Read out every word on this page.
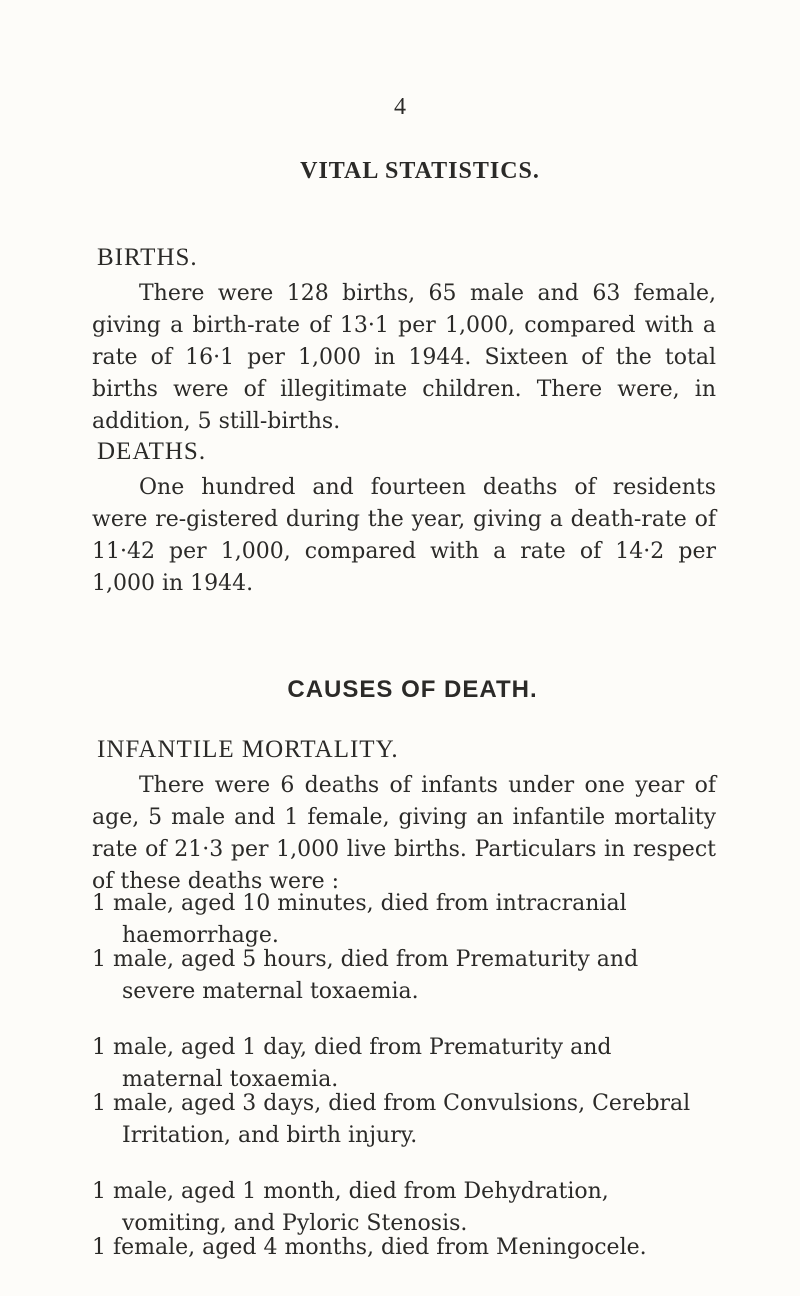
4
VITAL STATISTICS.
BIRTHS.
There were 128 births, 65 male and 63 female, giving a birth-rate of 13·1 per 1,000, compared with a rate of 16·1 per 1,000 in 1944. Sixteen of the total births were of illegitimate children. There were, in addition, 5 still-births.
DEATHS.
One hundred and fourteen deaths of residents were re-gistered during the year, giving a death-rate of 11·42 per 1,000, compared with a rate of 14·2 per 1,000 in 1944.
CAUSES OF DEATH.
INFANTILE MORTALITY.
There were 6 deaths of infants under one year of age, 5 male and 1 female, giving an infantile mortality rate of 21·3 per 1,000 live births. Particulars in respect of these deaths were :
1 male, aged 10 minutes, died from intracranial haemorrhage.
1 male, aged 5 hours, died from Prematurity and severe maternal toxaemia.
1 male, aged 1 day, died from Prematurity and maternal toxaemia.
1 male, aged 3 days, died from Convulsions, Cerebral Irritation, and birth injury.
1 male, aged 1 month, died from Dehydration, vomiting, and Pyloric Stenosis.
1 female, aged 4 months, died from Meningocele.
